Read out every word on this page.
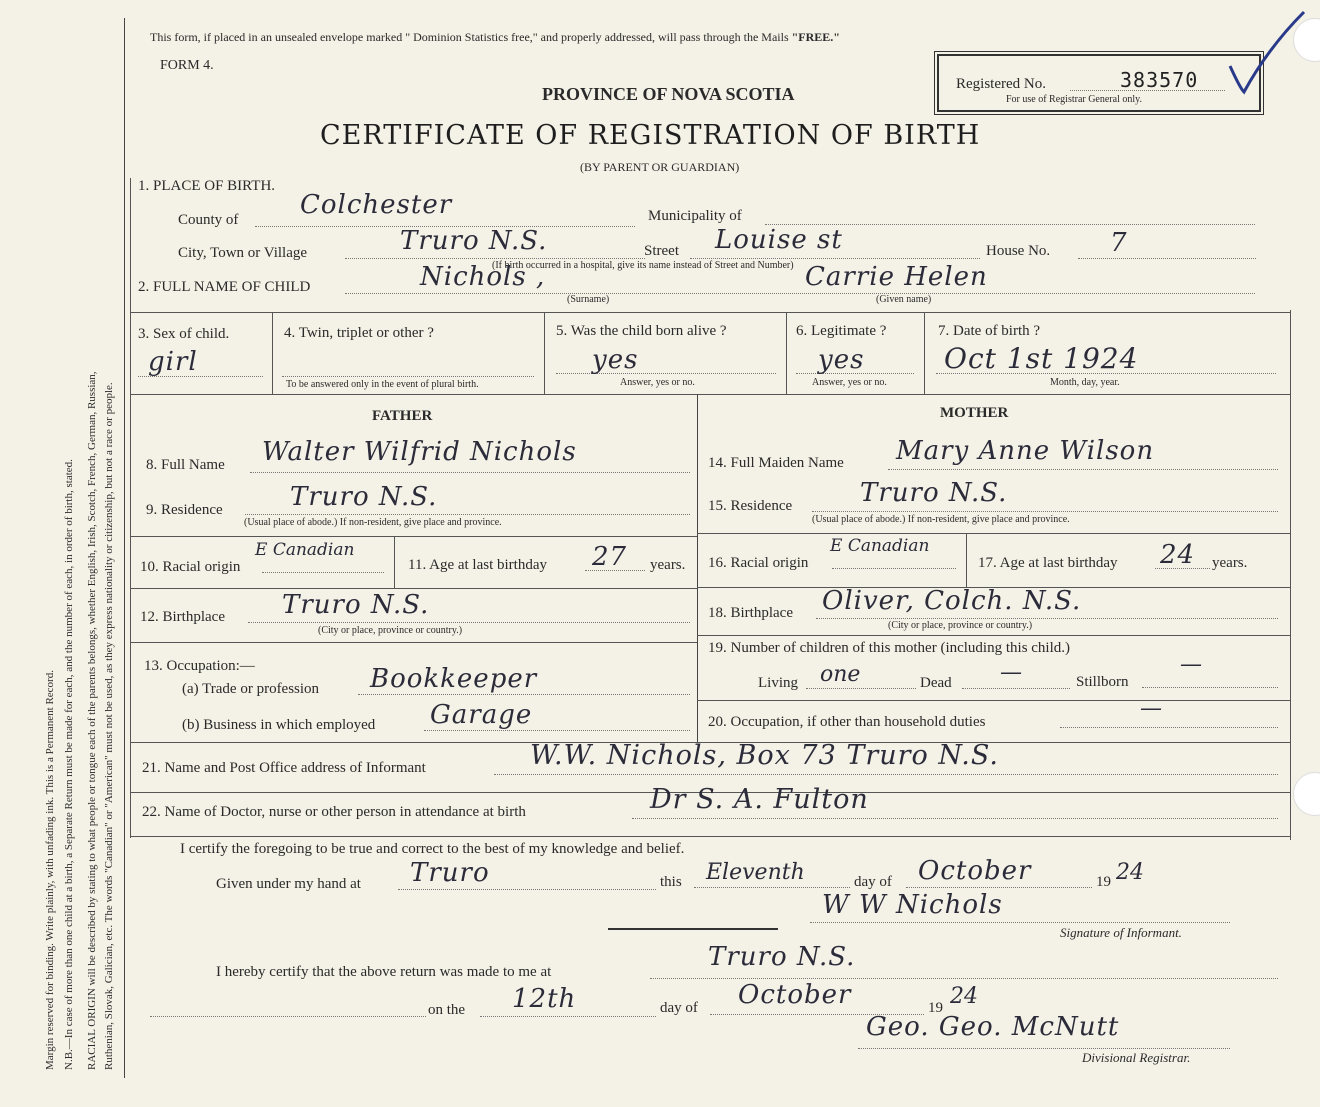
Margin reserved for binding. Write plainly, with unfading ink. This is a Permanent Record. N.B.—In case of more than one child at a birth, a Separate Return must be made for each, and the number of each, in order of birth, stated. RACIAL ORIGIN will be described by stating to what people or tongue each of the parents belongs, whether English, Irish, Scotch, French, German, Russian, Ruthenian, Slovak, Galician, etc. The words "Canadian" or "American" must not be used, as they express nationality or citizenship, but not a race or people.
This form, if placed in an unsealed envelope marked " Dominion Statistics free," and properly addressed, will pass through the Mails "FREE."
FORM 4.
PROVINCE OF NOVA SCOTIA	Registered No.	383570
For use of Registrar General only.
CERTIFICATE OF REGISTRATION OF BIRTH
(BY PARENT OR GUARDIAN)
1. PLACE OF BIRTH.
County of Colchester	Municipality of
City, Town or Village	Truro N.S.	Street Louise st	House No. 7
(If birth occurred in a hospital, give its name instead of Street and Number)
2. FULL NAME OF CHILD	Nichols ,	Carrie Helen
(Surname)	(Given name)
3. Sex of child.
girl
4. Twin, triplet or other ?
To be answered only in the event of plural birth.
5. Was the child born alive ?
yes
Answer, yes or no.
6. Legitimate ?
yes
Answer, yes or no.
7. Date of birth ?
Oct 1st 1924
Month, day, year.
FATHER	MOTHER
8. Full Name Walter Wilfrid Nichols
9. Residence	Truro N.S.
(Usual place of abode.) If non-resident, give place and province.
10. Racial origin
E Canadian
11. Age at last birthday 27 years.
12. Birthplace Truro N.S.
(City or place, province or country.)
13. Occupation:—
(a) Trade or profession Bookkeeper
(b) Business in which employed Garage
14. Full Maiden Name Mary Anne Wilson
15. Residence	Truro N.S.
(Usual place of abode.) If non-resident, give place and province.
16. Racial origin
E Canadian
17. Age at last birthday 24 years.
18. Birthplace Oliver, Colch. N.S.
(City or place, province or country.)
19. Number of children of this mother (including this child.)
Living one	Dead —	Stillborn
—
20. Occupation, if other than household duties
—
21. Name and Post Office address of Informant	W.W. Nichols, Box 73 Truro N.S.
22. Name of Doctor, nurse or other person in attendance at birth	Dr S. A. Fulton
I certify the foregoing to be true and correct to the best of my knowledge and belief.
Given under my hand at Truro	this Eleventh	day of October	19 24
W W Nichols
Signature of Informant.
I hereby certify that the above return was made to me at	Truro N.S.
on the 12th	day of October	19 24
Geo. Geo. McNutt
Divisional Registrar.
